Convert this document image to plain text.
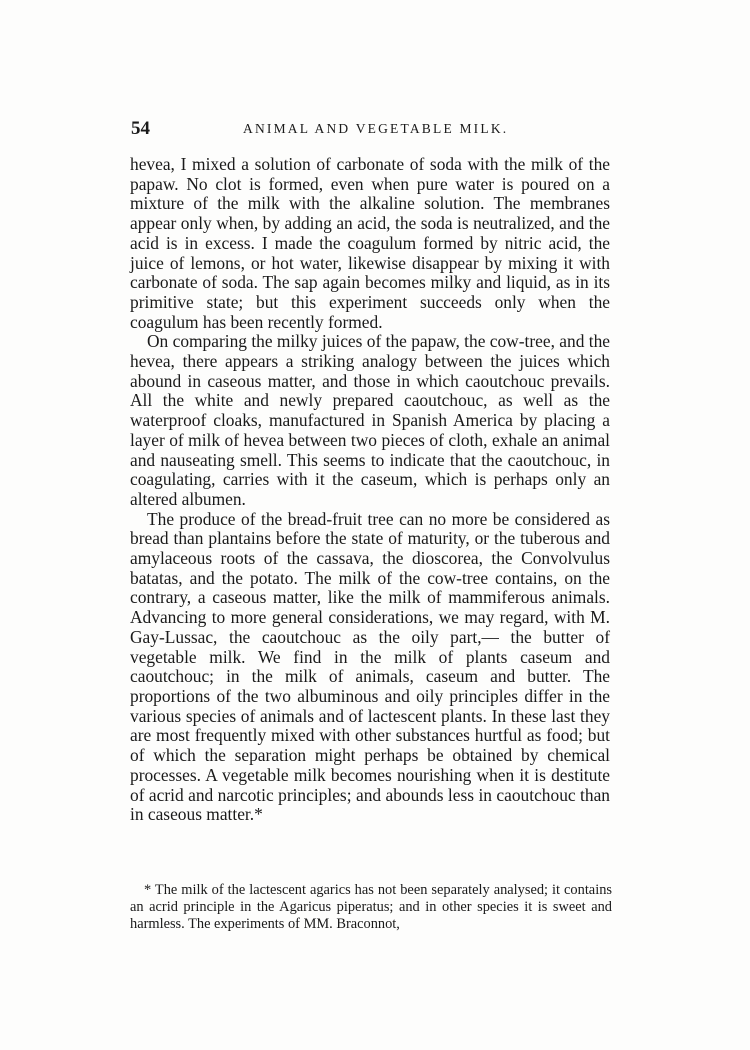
54	ANIMAL AND VEGETABLE MILK.

hevea, I mixed a solution of carbonate of soda with the milk of the papaw. No clot is formed, even when pure water is poured on a mixture of the milk with the alkaline solution. The membranes appear only when, by adding an acid, the soda is neutralized, and the acid is in excess. I made the coagulum formed by nitric acid, the juice of lemons, or hot water, likewise disappear by mixing it with carbonate of soda. The sap again becomes milky and liquid, as in its primitive state; but this experiment succeeds only when the coagulum has been recently formed.

On comparing the milky juices of the papaw, the cow-tree, and the hevea, there appears a striking analogy between the juices which abound in caseous matter, and those in which caoutchouc prevails. All the white and newly prepared caoutchouc, as well as the waterproof cloaks, manufactured in Spanish America by placing a layer of milk of hevea between two pieces of cloth, exhale an animal and nauseating smell. This seems to indicate that the caoutchouc, in coagulating, carries with it the caseum, which is perhaps only an altered albumen.

The produce of the bread-fruit tree can no more be considered as bread than plantains before the state of maturity, or the tuberous and amylaceous roots of the cassava, the dioscorea, the Convolvulus batatas, and the potato. The milk of the cow-tree contains, on the contrary, a caseous matter, like the milk of mammiferous animals. Advancing to more general considerations, we may regard, with M. Gay-Lussac, the caoutchouc as the oily part,— the butter of vegetable milk. We find in the milk of plants caseum and caoutchouc; in the milk of animals, caseum and butter. The proportions of the two albuminous and oily principles differ in the various species of animals and of lactescent plants. In these last they are most frequently mixed with other substances hurtful as food; but of which the separation might perhaps be obtained by chemical processes. A vegetable milk becomes nourishing when it is destitute of acrid and narcotic principles; and abounds less in caoutchouc than in caseous matter.*

* The milk of the lactescent agarics has not been separately analysed; it contains an acrid principle in the Agaricus piperatus; and in other species it is sweet and harmless. The experiments of MM. Braconnot,
